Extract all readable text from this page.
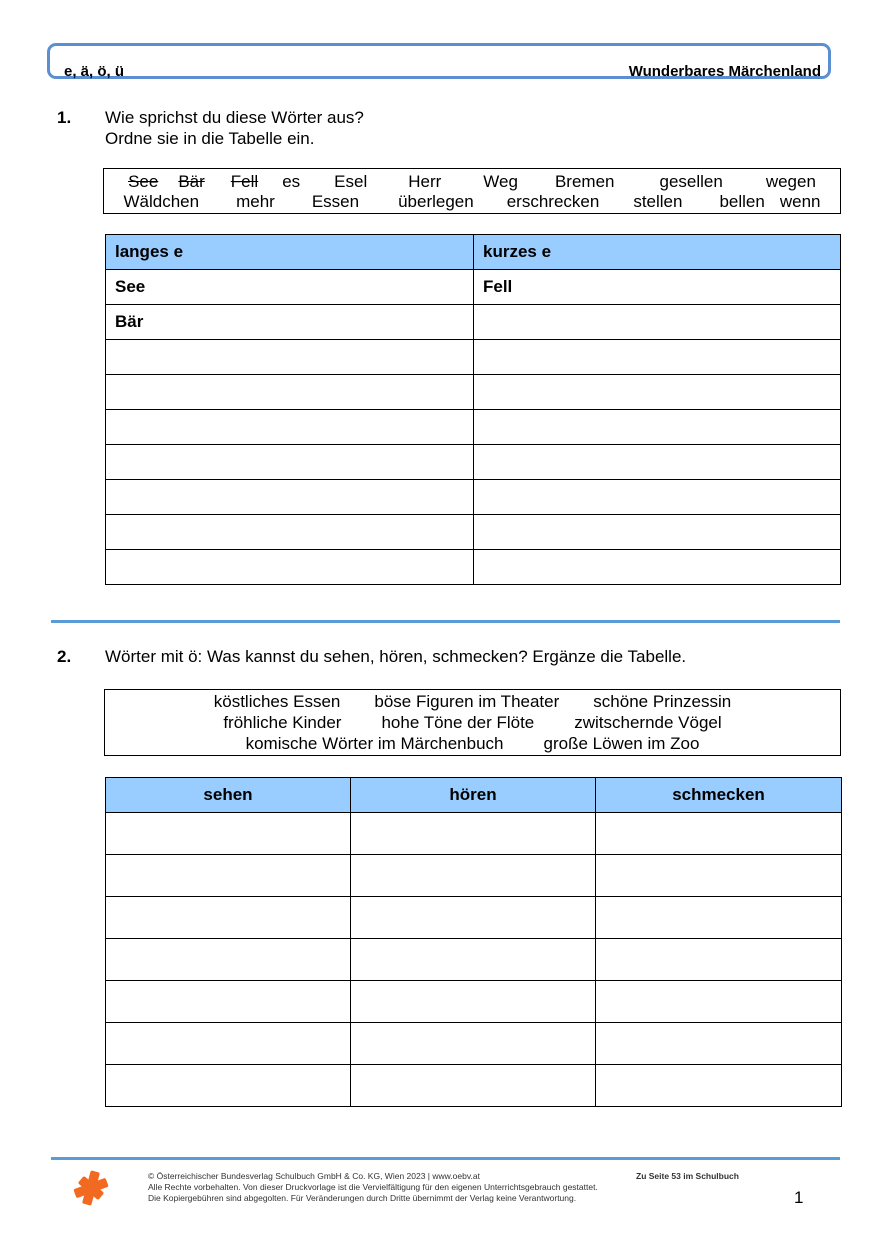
e, ä, ö, ü	Wunderbares Märchenland
1. Wie sprichst du diese Wörter aus?
Ordne sie in die Tabelle ein.
See Bär Fell es Esel Herr Weg Bremen	gesellen	wegen
Wäldchen mehr Essen überlegen erschrecken stellen bellen wenn
langes e	kurzes e
See	Fell
Bär	

2. Wörter mit ö: Was kannst du sehen, hören, schmecken? Ergänze die Tabelle.
köstliches Essen böse Figuren im Theater schöne Prinzessin
fröhliche Kinder hohe Töne der Flöte zwitschernde Vögel
komische Wörter im Märchenbuch große Löwen im Zoo
sehen	hören	schmecken

© Österreichischer Bundesverlag Schulbuch GmbH & Co. KG, Wien 2023 | www.oebv.at
Alle Rechte vorbehalten. Von dieser Druckvorlage ist die Vervielfältigung für den eigenen Unterrichtsgebrauch gestattet.
Die Kopiergebühren sind abgegolten. Für Veränderungen durch Dritte übernimmt der Verlag keine Verantwortung.
Zu Seite 53 im Schulbuch
1
